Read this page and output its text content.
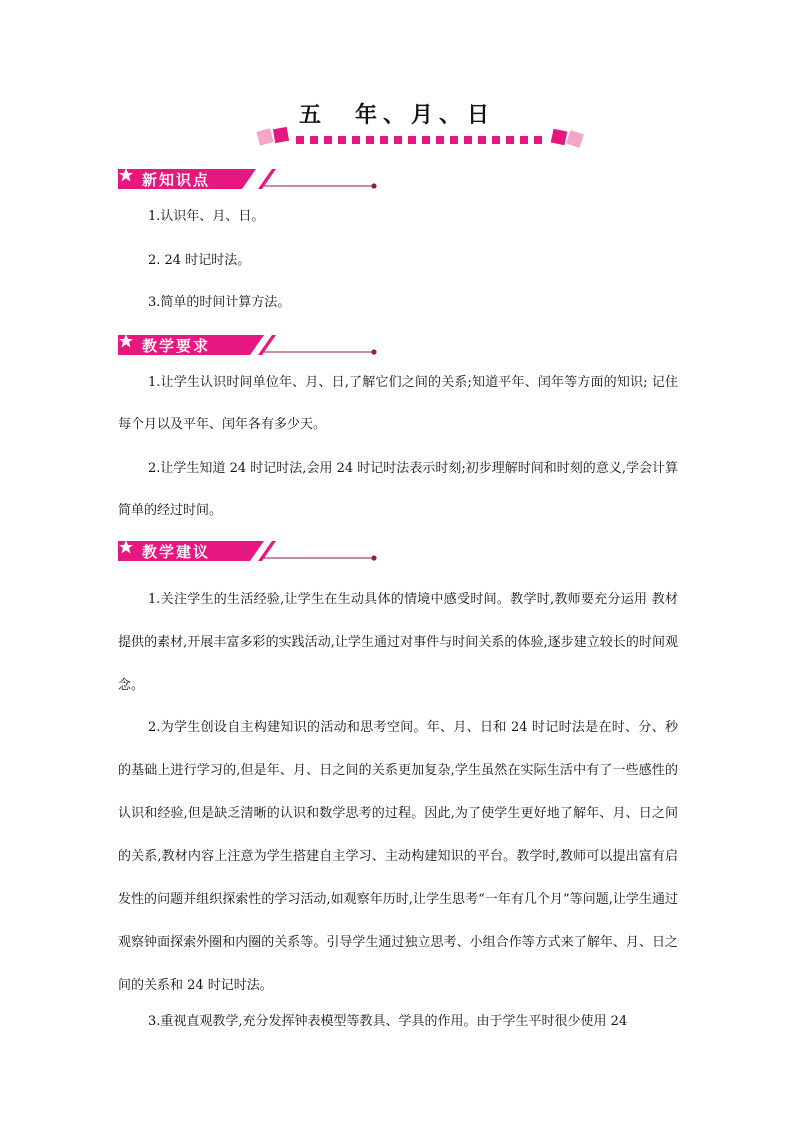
五　年、月、日
新知识点
1.认识年、月、日。
2. 24 时记时法。
3.简单的时间计算方法。
教学要求
1.让学生认识时间单位年、月、日,了解它们之间的关系;知道平年、闰年等方面的知识; 记住每个月以及平年、闰年各有多少天。
2.让学生知道 24 时记时法,会用 24 时记时法表示时刻;初步理解时间和时刻的意义,学会计算简单的经过时间。
教学建议
1.关注学生的生活经验,让学生在生动具体的情境中感受时间。教学时,教师要充分运用 教材提供的素材,开展丰富多彩的实践活动,让学生通过对事件与时间关系的体验,逐步建立较长的时间观念。
2.为学生创设自主构建知识的活动和思考空间。年、月、日和 24 时记时法是在时、分、秒的基础上进行学习的,但是年、月、日之间的关系更加复杂,学生虽然在实际生活中有了一些感性的认识和经验,但是缺乏清晰的认识和数学思考的过程。因此,为了使学生更好地了解年、月、日之间的关系,教材内容上注意为学生搭建自主学习、主动构建知识的平台。教学时,教师可以提出富有启发性的问题并组织探索性的学习活动,如观察年历时,让学生思考“一年有几个月”等问题,让学生通过观察钟面探索外圈和内圈的关系等。引导学生通过独立思考、小组合作等方式来了解年、月、日之间的关系和 24 时记时法。
3.重视直观教学,充分发挥钟表模型等教具、学具的作用。由于学生平时很少使用 24
